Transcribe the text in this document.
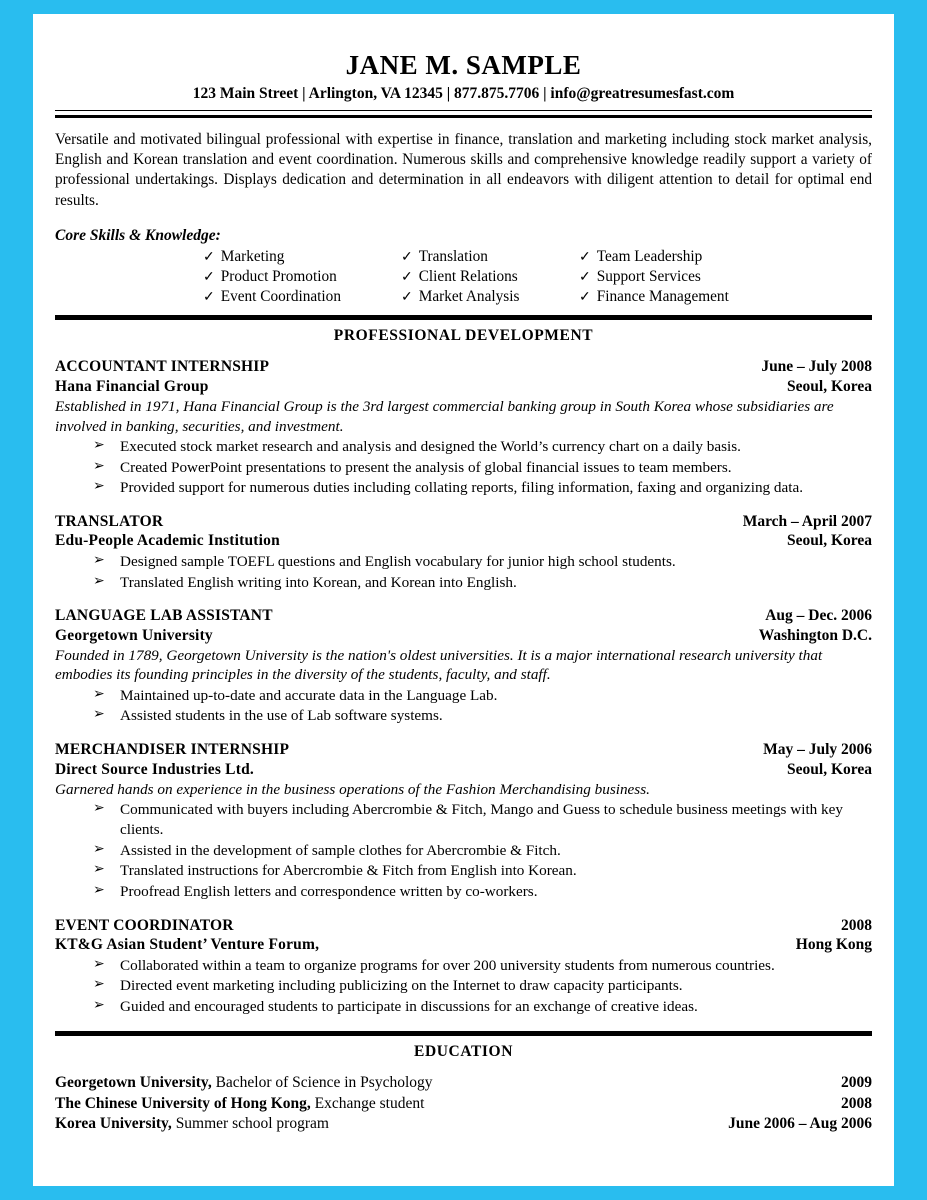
JANE M. SAMPLE
123 Main Street | Arlington, VA 12345 | 877.875.7706 | info@greatresumesfast.com
Versatile and motivated bilingual professional with expertise in finance, translation and marketing including stock market analysis, English and Korean translation and event coordination. Numerous skills and comprehensive knowledge readily support a variety of professional undertakings. Displays dedication and determination in all endeavors with diligent attention to detail for optimal end results.
Core Skills & Knowledge:
✓ Marketing	✓ Translation	✓ Team Leadership
✓ Product Promotion	✓ Client Relations	✓ Support Services
✓ Event Coordination	✓ Market Analysis	✓ Finance Management
PROFESSIONAL DEVELOPMENT
ACCOUNTANT INTERNSHIP	June – July 2008
Hana Financial Group	Seoul, Korea
Established in 1971, Hana Financial Group is the 3rd largest commercial banking group in South Korea whose subsidiaries are involved in banking, securities, and investment.
➢ Executed stock market research and analysis and designed the World’s currency chart on a daily basis.
➢ Created PowerPoint presentations to present the analysis of global financial issues to team members.
➢ Provided support for numerous duties including collating reports, filing information, faxing and organizing data.
TRANSLATOR	March – April 2007
Edu-People Academic Institution	Seoul, Korea
➢ Designed sample TOEFL questions and English vocabulary for junior high school students.
➢ Translated English writing into Korean, and Korean into English.
LANGUAGE LAB ASSISTANT	Aug – Dec. 2006
Georgetown University	Washington D.C.
Founded in 1789, Georgetown University is the nation's oldest universities. It is a major international research university that embodies its founding principles in the diversity of the students, faculty, and staff.
➢ Maintained up-to-date and accurate data in the Language Lab.
➢ Assisted students in the use of Lab software systems.
MERCHANDISER INTERNSHIP	May – July 2006
Direct Source Industries Ltd.	Seoul, Korea
Garnered hands on experience in the business operations of the Fashion Merchandising business.
➢ Communicated with buyers including Abercrombie & Fitch, Mango and Guess to schedule business meetings with key clients.
➢ Assisted in the development of sample clothes for Abercrombie & Fitch.
➢ Translated instructions for Abercrombie & Fitch from English into Korean.
➢ Proofread English letters and correspondence written by co-workers.
EVENT COORDINATOR	2008
KT&G Asian Student’ Venture Forum,	Hong Kong
➢ Collaborated within a team to organize programs for over 200 university students from numerous countries.
➢ Directed event marketing including publicizing on the Internet to draw capacity participants.
➢ Guided and encouraged students to participate in discussions for an exchange of creative ideas.
EDUCATION
Georgetown University, Bachelor of Science in Psychology	2009
The Chinese University of Hong Kong, Exchange student	2008
Korea University, Summer school program	June 2006 – Aug 2006
